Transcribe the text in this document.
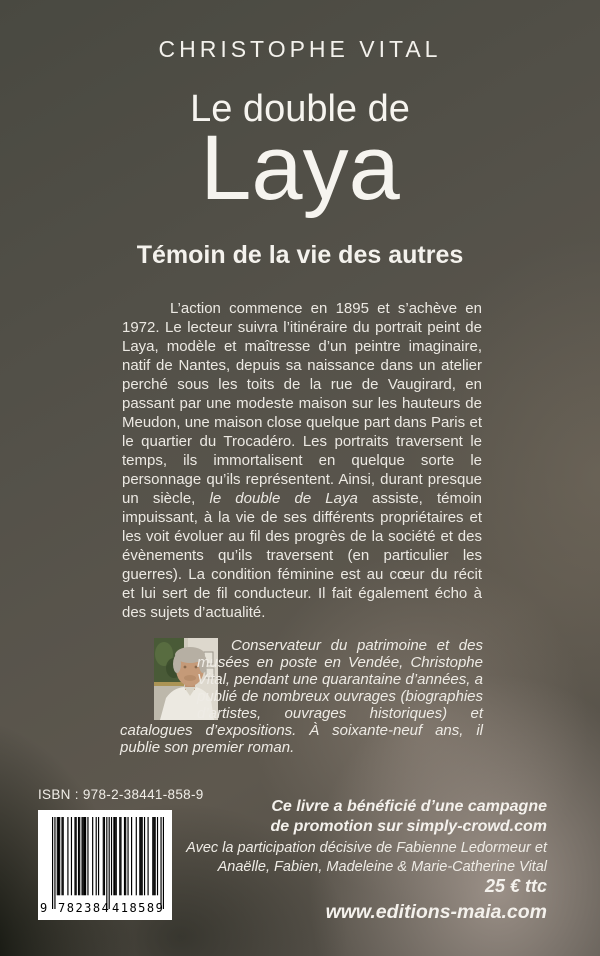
CHRISTOPHE VITAL
Le double de
Laya
Témoin de la vie des autres
L’action commence en 1895 et s’achève en 1972. Le lecteur suivra l’itinéraire du portrait peint de Laya, modèle et maîtresse d’un peintre imaginaire, natif de Nantes, depuis sa naissance dans un atelier perché sous les toits de la rue de Vaugirard, en passant par une modeste maison sur les hauteurs de Meudon, une maison close quelque part dans Paris et le quartier du Trocadéro. Les portraits traversent le temps, ils immortalisent en quelque sorte le personnage qu’ils représentent. Ainsi, durant presque un siècle, le double de Laya assiste, témoin impuissant, à la vie de ses différents propriétaires et les voit évoluer au fil des progrès de la société et des évènements qu’ils traversent (en particulier les guerres). La condition féminine est au cœur du récit et lui sert de fil conducteur. Il fait également écho à des sujets d’actualité.
Conservateur du patrimoine et des musées en poste en Vendée, Christophe Vital, pendant une quarantaine d’années, a publié de nombreux ouvrages (biographies d’artistes, ouvrages historiques) et catalogues d’expositions. À soixante-neuf ans, il publie son premier roman.
ISBN : 978-2-38441-858-9
9 782384 418589
Ce livre a bénéficié d’une campagne
de promotion sur simply-crowd.com
Avec la participation décisive de Fabienne Ledormeur et
Anaëlle, Fabien, Madeleine & Marie-Catherine Vital
25 € ttc
www.editions-maia.com
